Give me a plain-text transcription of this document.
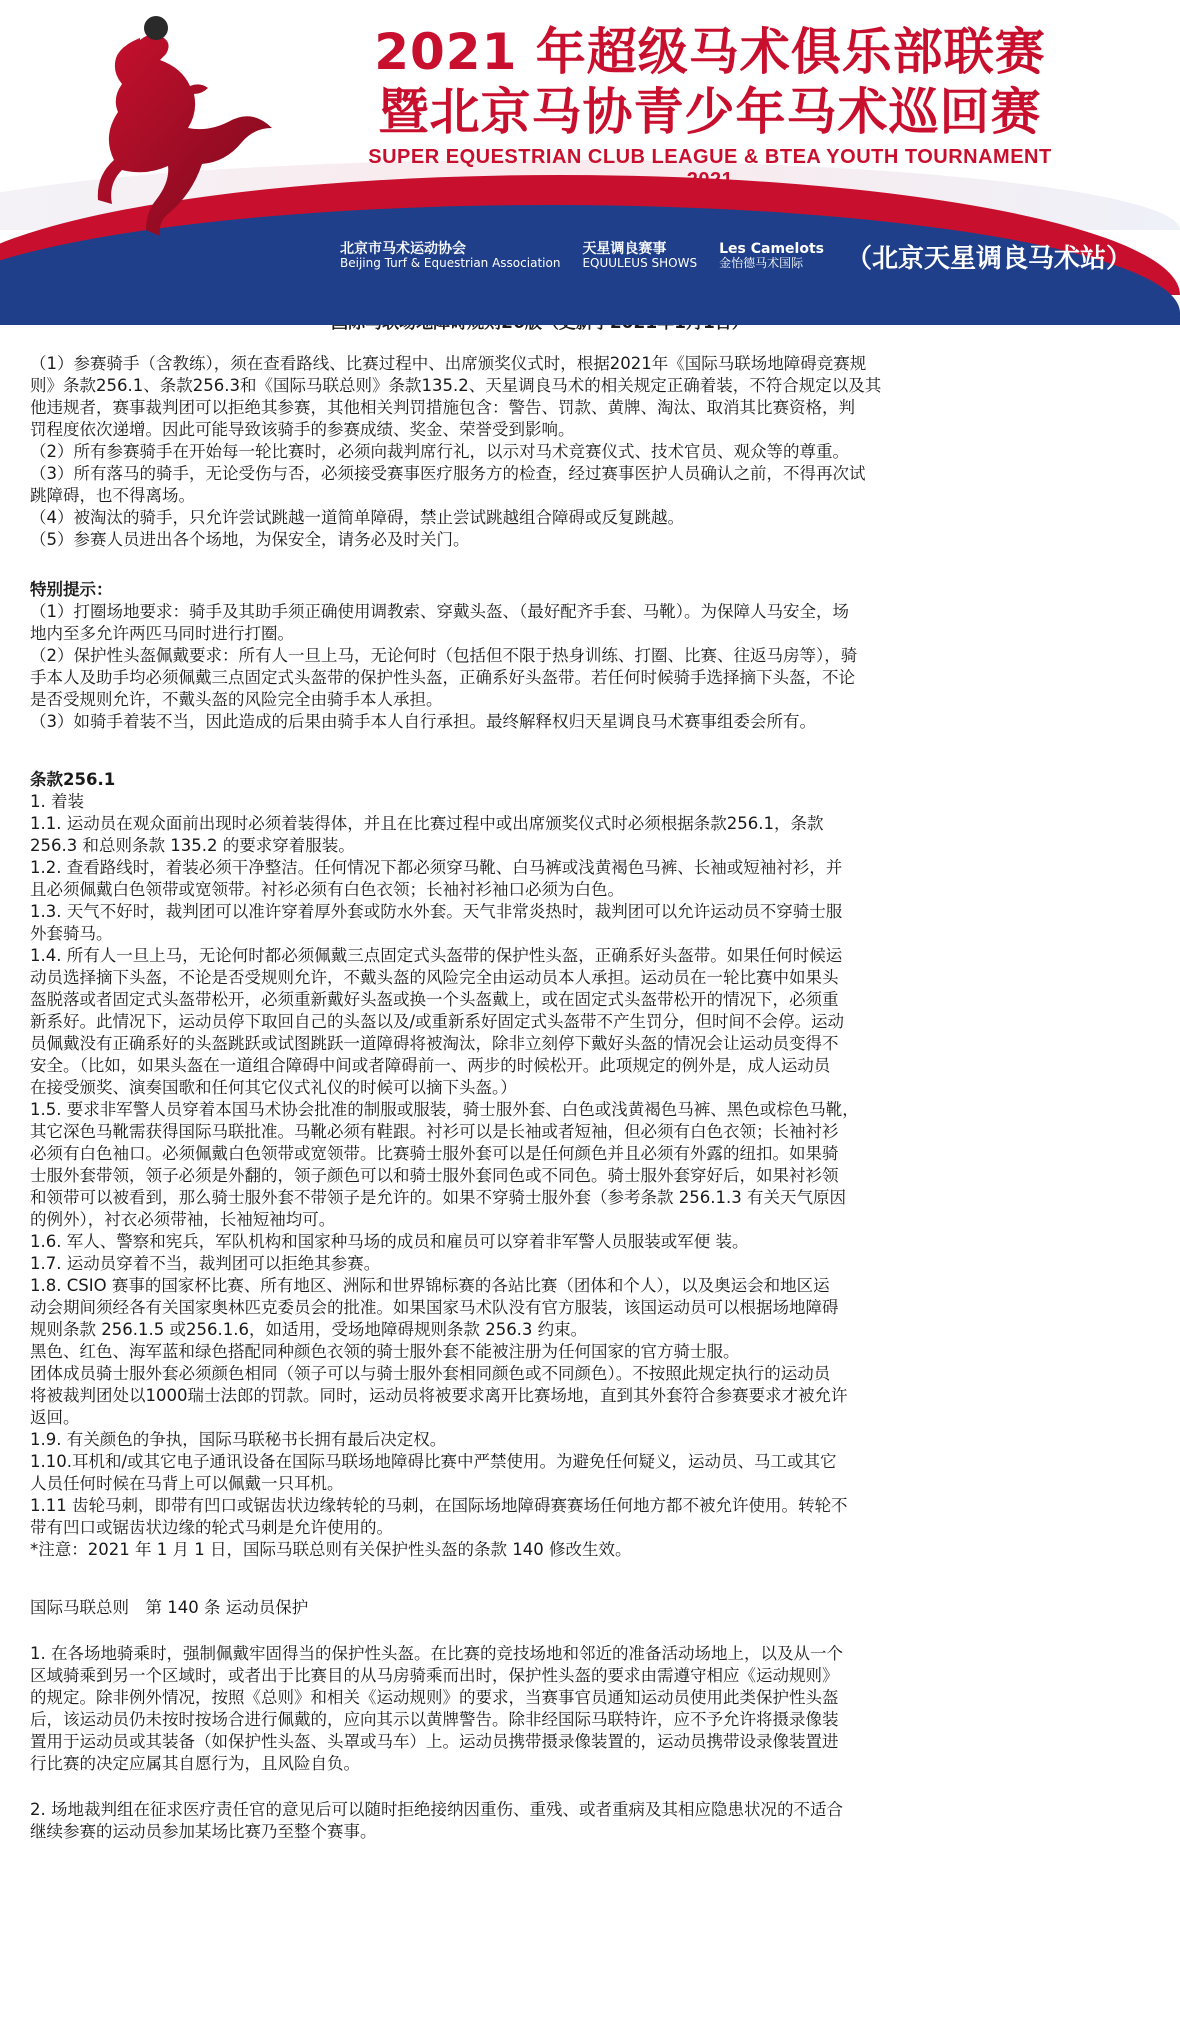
2021 年超级马术俱乐部联赛
暨北京马协青少年马术巡回赛
SUPER EQUESTRIAN CLUB LEAGUE & BTEA YOUTH TOURNAMENT 2021
北京市马术运动协会
Beijing Turf & Equestrian Association
天星调良赛事
EQUULEUS SHOWS
Les Camelots
金怡德马术国际	（北京天星调良马术站）

（1）参赛骑手（含教练），须在查看路线、比赛过程中、出席颁奖仪式时，根据2021年《国际马联场地障碍竞赛规

则》条款256.1、条款256.3和《国际马联总则》条款135.2、天星调良马术的相关规定正确着装，不符合规定以及其

他违规者，赛事裁判团可以拒绝其参赛，其他相关判罚措施包含：警告、罚款、黄牌、淘汰、取消其比赛资格，判

罚程度依次递增。因此可能导致该骑手的参赛成绩、奖金、荣誉受到影响。

（2）所有参赛骑手在开始每一轮比赛时，必须向裁判席行礼，以示对马术竞赛仪式、技术官员、观众等的尊重。

（3）所有落马的骑手，无论受伤与否，必须接受赛事医疗服务方的检查，经过赛事医护人员确认之前，不得再次试

跳障碍，也不得离场。

（4）被淘汰的骑手，只允许尝试跳越一道简单障碍，禁止尝试跳越组合障碍或反复跳越。

（5）参赛人员进出各个场地，为保安全，请务必及时关门。

特别提示：

（1）打圈场地要求：骑手及其助手须正确使用调教索、穿戴头盔、（最好配齐手套、马靴）。为保障人马安全，场

地内至多允许两匹马同时进行打圈。

（2）保护性头盔佩戴要求：所有人一旦上马，无论何时（包括但不限于热身训练、打圈、比赛、往返马房等），骑

手本人及助手均必须佩戴三点固定式头盔带的保护性头盔，正确系好头盔带。若任何时候骑手选择摘下头盔，不论

是否受规则允许，不戴头盔的风险完全由骑手本人承担。

（3）如骑手着装不当，因此造成的后果由骑手本人自行承担。最终解释权归天星调良马术赛事组委会所有。

条款256.1

1. 着装

1.1. 运动员在观众面前出现时必须着装得体，并且在比赛过程中或出席颁奖仪式时必须根据条款256.1，条款

256.3 和总则条款 135.2 的要求穿着服装。

1.2. 查看路线时，着装必须干净整洁。任何情况下都必须穿马靴、白马裤或浅黄褐色马裤、长袖或短袖衬衫，并

且必须佩戴白色领带或宽领带。衬衫必须有白色衣领；长袖衬衫袖口必须为白色。

1.3. 天气不好时，裁判团可以准许穿着厚外套或防水外套。天气非常炎热时，裁判团可以允许运动员不穿骑士服

外套骑马。

1.4. 所有人一旦上马，无论何时都必须佩戴三点固定式头盔带的保护性头盔，正确系好头盔带。如果任何时候运

动员选择摘下头盔，不论是否受规则允许，不戴头盔的风险完全由运动员本人承担。运动员在一轮比赛中如果头

盔脱落或者固定式头盔带松开，必须重新戴好头盔或换一个头盔戴上，或在固定式头盔带松开的情况下，必须重

新系好。此情况下，运动员停下取回自己的头盔以及/或重新系好固定式头盔带不产生罚分，但时间不会停。运动

员佩戴没有正确系好的头盔跳跃或试图跳跃一道障碍将被淘汰，除非立刻停下戴好头盔的情况会让运动员变得不

安全。（比如，如果头盔在一道组合障碍中间或者障碍前一、两步的时候松开。此项规定的例外是，成人运动员

在接受颁奖、演奏国歌和任何其它仪式礼仪的时候可以摘下头盔。）

1.5. 要求非军警人员穿着本国马术协会批准的制服或服装，骑士服外套、白色或浅黄褐色马裤、黑色或棕色马靴，

其它深色马靴需获得国际马联批准。马靴必须有鞋跟。衬衫可以是长袖或者短袖，但必须有白色衣领；长袖衬衫

必须有白色袖口。必须佩戴白色领带或宽领带。比赛骑士服外套可以是任何颜色并且必须有外露的纽扣。如果骑

士服外套带领，领子必须是外翻的，领子颜色可以和骑士服外套同色或不同色。骑士服外套穿好后，如果衬衫领

和领带可以被看到，那么骑士服外套不带领子是允许的。如果不穿骑士服外套（参考条款 256.1.3 有关天气原因

的例外），衬衣必须带袖，长袖短袖均可。

1.6. 军人、警察和宪兵，军队机构和国家种马场的成员和雇员可以穿着非军警人员服装或军便 装。

1.7. 运动员穿着不当，裁判团可以拒绝其参赛。

1.8. CSIO 赛事的国家杯比赛、所有地区、洲际和世界锦标赛的各站比赛（团体和个人），以及奥运会和地区运

动会期间须经各有关国家奥林匹克委员会的批准。如果国家马术队没有官方服装，该国运动员可以根据场地障碍

规则条款 256.1.5 或256.1.6，如适用，受场地障碍规则条款 256.3 约束。

黑色、红色、海军蓝和绿色搭配同种颜色衣领的骑士服外套不能被注册为任何国家的官方骑士服。

团体成员骑士服外套必须颜色相同（领子可以与骑士服外套相同颜色或不同颜色）。不按照此规定执行的运动员

将被裁判团处以1000瑞士法郎的罚款。同时，运动员将被要求离开比赛场地，直到其外套符合参赛要求才被允许

返回。

1.9. 有关颜色的争执，国际马联秘书长拥有最后决定权。

1.10.耳机和/或其它电子通讯设备在国际马联场地障碍比赛中严禁使用。为避免任何疑义，运动员、马工或其它

人员任何时候在马背上可以佩戴一只耳机。

1.11 齿轮马刺，即带有凹口或锯齿状边缘转轮的马刺，在国际场地障碍赛赛场任何地方都不被允许使用。转轮不

带有凹口或锯齿状边缘的轮式马刺是允许使用的。

*注意：2021 年 1 月 1 日，国际马联总则有关保护性头盔的条款 140 修改生效。

国际马联总则　第 140 条 运动员保护

1. 在各场地骑乘时，强制佩戴牢固得当的保护性头盔。在比赛的竞技场地和邻近的准备活动场地上，以及从一个

区域骑乘到另一个区域时，或者出于比赛目的从马房骑乘而出时，保护性头盔的要求由需遵守相应《运动规则》

的规定。除非例外情况，按照《总则》和相关《运动规则》的要求，当赛事官员通知运动员使用此类保护性头盔

后，该运动员仍未按时按场合进行佩戴的，应向其示以黄牌警告。除非经国际马联特许，应不予允许将摄录像装

置用于运动员或其装备（如保护性头盔、头罩或马车）上。运动员携带摄录像装置的，运动员携带设录像装置进

行比赛的决定应属其自愿行为，且风险自负。

2. 场地裁判组在征求医疗责任官的意见后可以随时拒绝接纳因重伤、重残、或者重病及其相应隐患状况的不适合

继续参赛的运动员参加某场比赛乃至整个赛事。
